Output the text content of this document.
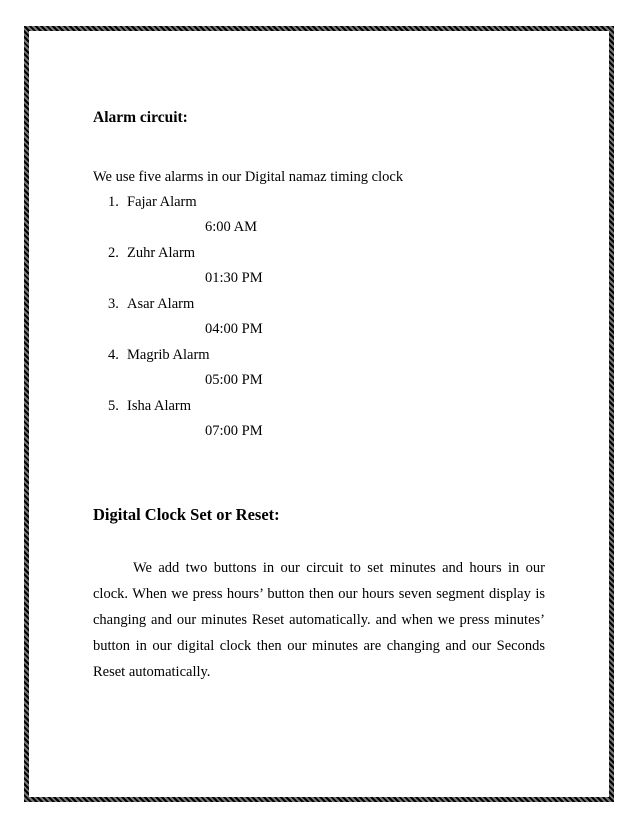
Alarm circuit:

We use five alarms in our Digital namaz timing clock

1. Fajar Alarm
6:00 AM
2. Zuhr Alarm
01:30 PM
3. Asar Alarm
04:00 PM
4. Magrib Alarm
05:00 PM
5. Isha Alarm
07:00 PM
Digital Clock Set or Reset:

We add two buttons in our circuit to set minutes and hours in our clock. When we press hours’ button then our hours seven segment display is changing and our minutes Reset automatically. and when we press minutes’ button in our digital clock then our minutes are changing and our Seconds Reset automatically.
